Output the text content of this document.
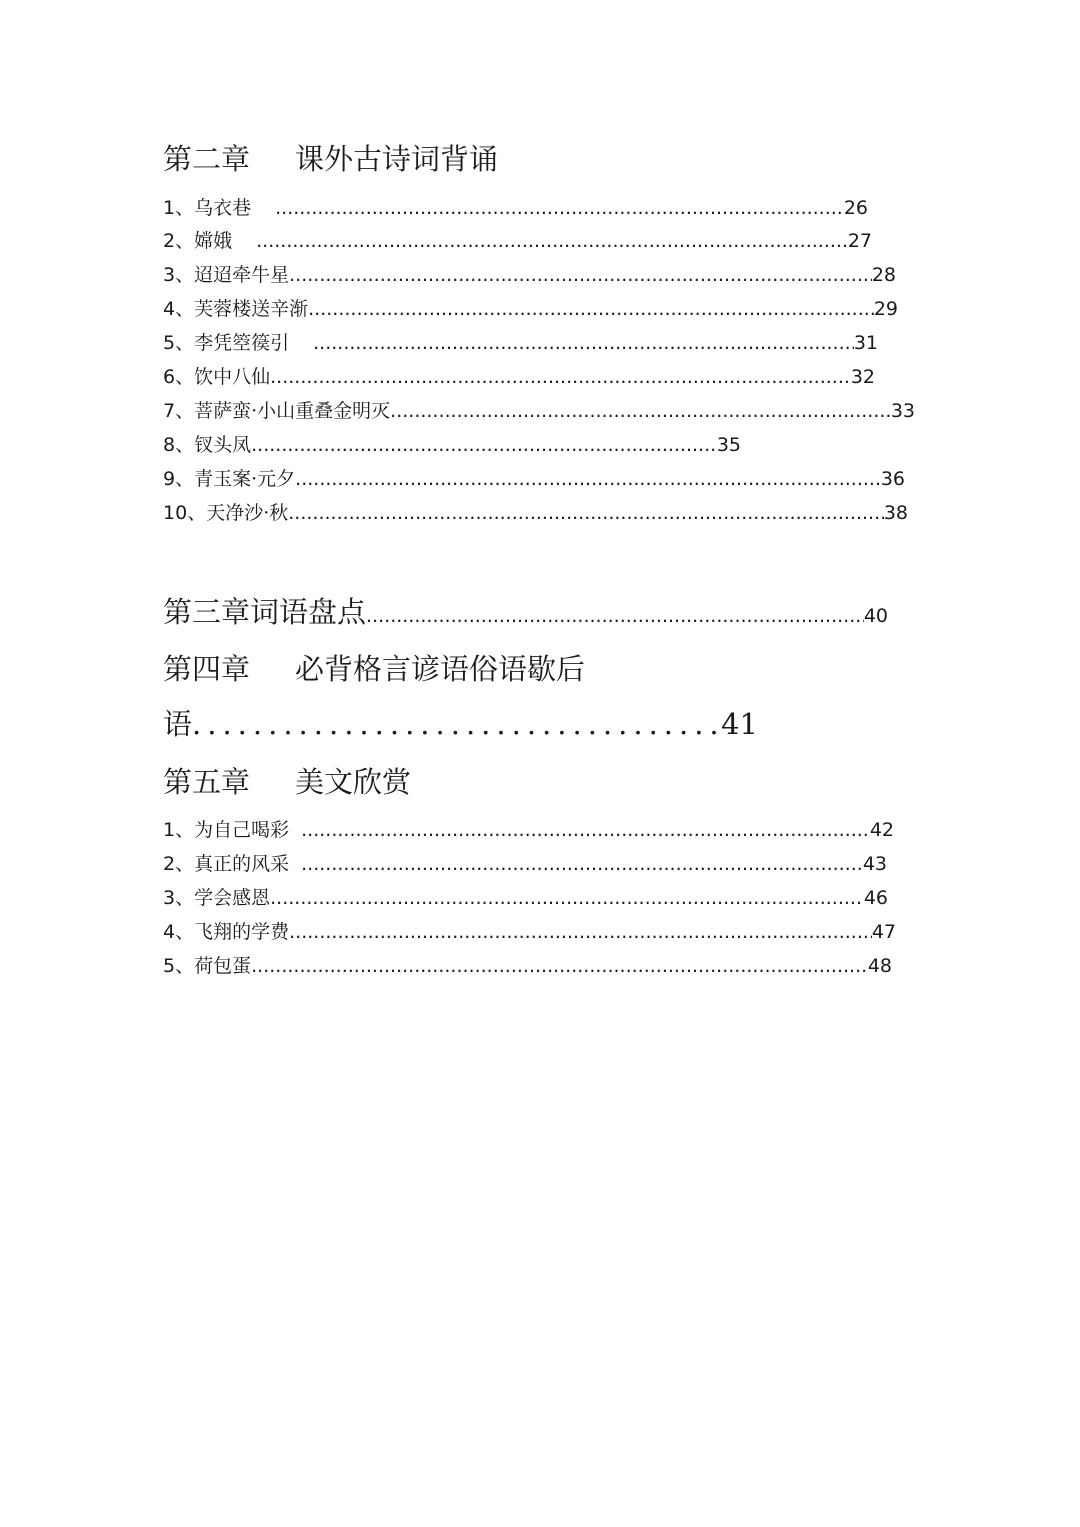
第二章 课外古诗词背诵
1 、 乌衣巷 .....	26
2 、 嫦娥 .....	27
3 、 迢迢牵牛星 .....	28
4 、 芙蓉楼送辛渐 .....	29
5 、 李凭箜篌引 .....	31
6 、 饮中八仙 .....	32
7 、 菩萨蛮·小山重叠金明灭 .....	33
8 、 钗头凤 .....	35
9 、 青玉案·元夕 .....	36
10 、 天净沙·秋 .....	38
第三章 词语盘点 .....	40
第四章 必背格言谚语俗语歇后
语 .....	41
第五章 美文欣赏
1 、 为自己喝彩 .....	42
2 、 真正的风采 .....	43
3 、 学会感恩 .....	46
4 、 飞翔的学费 .....	47
5 、 荷包蛋 .....	48
